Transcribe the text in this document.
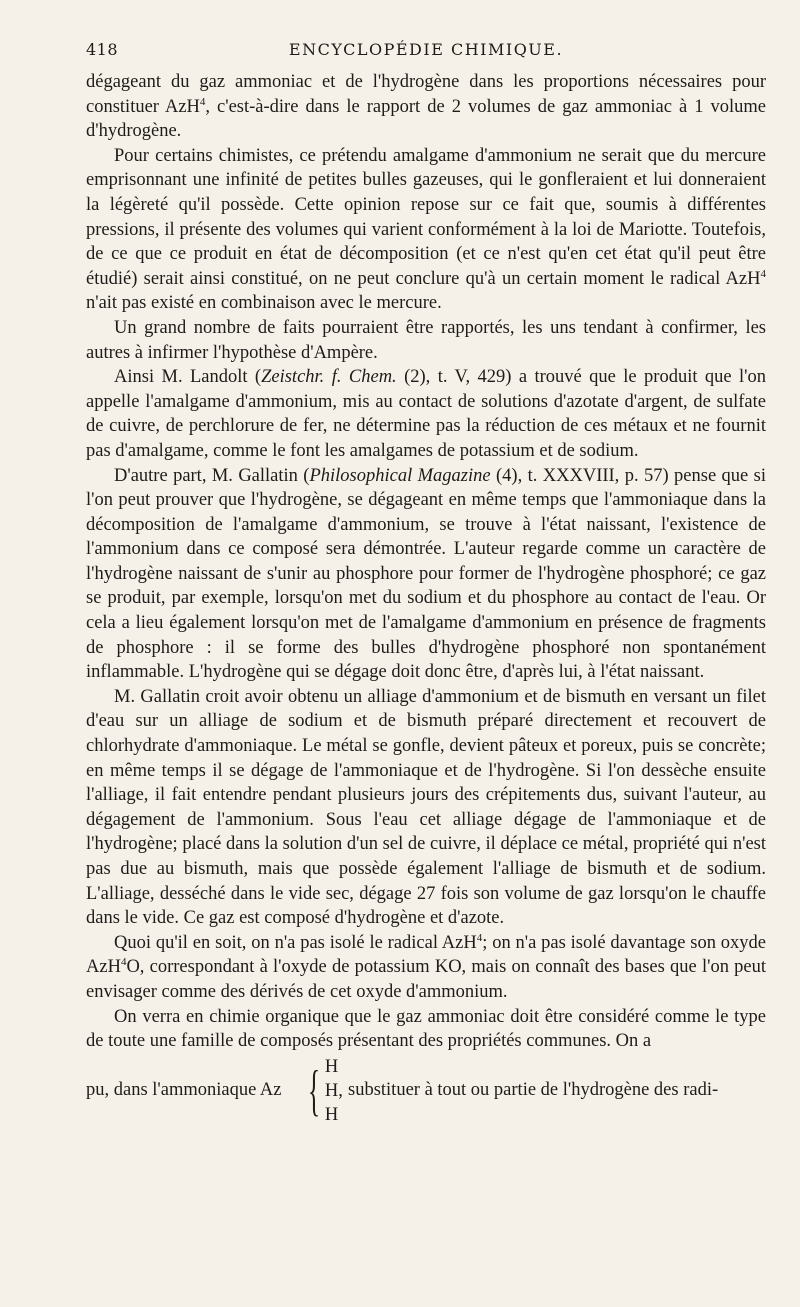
418	ENCYCLOPÉDIE CHIMIQUE.

dégageant du gaz ammoniac et de l'hydrogène dans les proportions nécessaires pour constituer AzH$^4$, c'est-à-dire dans le rapport de 2 volumes de gaz ammoniac à 1 volume d'hydrogène.

Pour certains chimistes, ce prétendu amalgame d'ammonium ne serait que du mercure emprisonnant une infinité de petites bulles gazeuses, qui le gonfleraient et lui donneraient la légèreté qu'il possède. Cette opinion repose sur ce fait que, soumis à différentes pressions, il présente des volumes qui varient conformément à la loi de Mariotte. Toutefois, de ce que ce produit en état de décomposition (et ce n'est qu'en cet état qu'il peut être étudié) serait ainsi constitué, on ne peut conclure qu'à un certain moment le radical AzH$^4$ n'ait pas existé en combinaison avec le mercure.

Un grand nombre de faits pourraient être rapportés, les uns tendant à confirmer, les autres à infirmer l'hypothèse d'Ampère.

Ainsi M. Landolt (Zeistchr. f. Chem. (2), t. V, 429) a trouvé que le produit que l'on appelle l'amalgame d'ammonium, mis au contact de solutions d'azotate d'argent, de sulfate de cuivre, de perchlorure de fer, ne détermine pas la réduction de ces métaux et ne fournit pas d'amalgame, comme le font les amalgames de potassium et de sodium.

D'autre part, M. Gallatin (Philosophical Magazine (4), t. XXXVIII, p. 57) pense que si l'on peut prouver que l'hydrogène, se dégageant en même temps que l'ammoniaque dans la décomposition de l'amalgame d'ammonium, se trouve à l'état naissant, l'existence de l'ammonium dans ce composé sera démontrée. L'auteur regarde comme un caractère de l'hydrogène naissant de s'unir au phosphore pour former de l'hydrogène phosphoré; ce gaz se produit, par exemple, lorsqu'on met du sodium et du phosphore au contact de l'eau. Or cela a lieu également lorsqu'on met de l'amalgame d'ammonium en présence de fragments de phosphore : il se forme des bulles d'hydrogène phosphoré non spontanément inflammable. L'hydrogène qui se dégage doit donc être, d'après lui, à l'état naissant.

M. Gallatin croit avoir obtenu un alliage d'ammonium et de bismuth en versant un filet d'eau sur un alliage de sodium et de bismuth préparé directement et recouvert de chlorhydrate d'ammoniaque. Le métal se gonfle, devient pâteux et poreux, puis se concrète; en même temps il se dégage de l'ammoniaque et de l'hydrogène. Si l'on dessèche ensuite l'alliage, il fait entendre pendant plusieurs jours des crépitements dus, suivant l'auteur, au dégagement de l'ammonium. Sous l'eau cet alliage dégage de l'ammoniaque et de l'hydrogène; placé dans la solution d'un sel de cuivre, il déplace ce métal, propriété qui n'est pas due au bismuth, mais que possède également l'alliage de bismuth et de sodium. L'alliage, desséché dans le vide sec, dégage 27 fois son volume de gaz lorsqu'on le chauffe dans le vide. Ce gaz est composé d'hydrogène et d'azote.

Quoi qu'il en soit, on n'a pas isolé le radical AzH$^4$; on n'a pas isolé davantage son oxyde AzH$^4$O, correspondant à l'oxyde de potassium KO, mais on connaît des bases que l'on peut envisager comme des dérivés de cet oxyde d'ammonium.

On verra en chimie organique que le gaz ammoniac doit être considéré comme le type de toute une famille de composés présentant des propriétés communes. On a

pu, dans l'ammoniaque Az { H
H,
H
substituer à tout ou partie de l'hydrogène des radi-
